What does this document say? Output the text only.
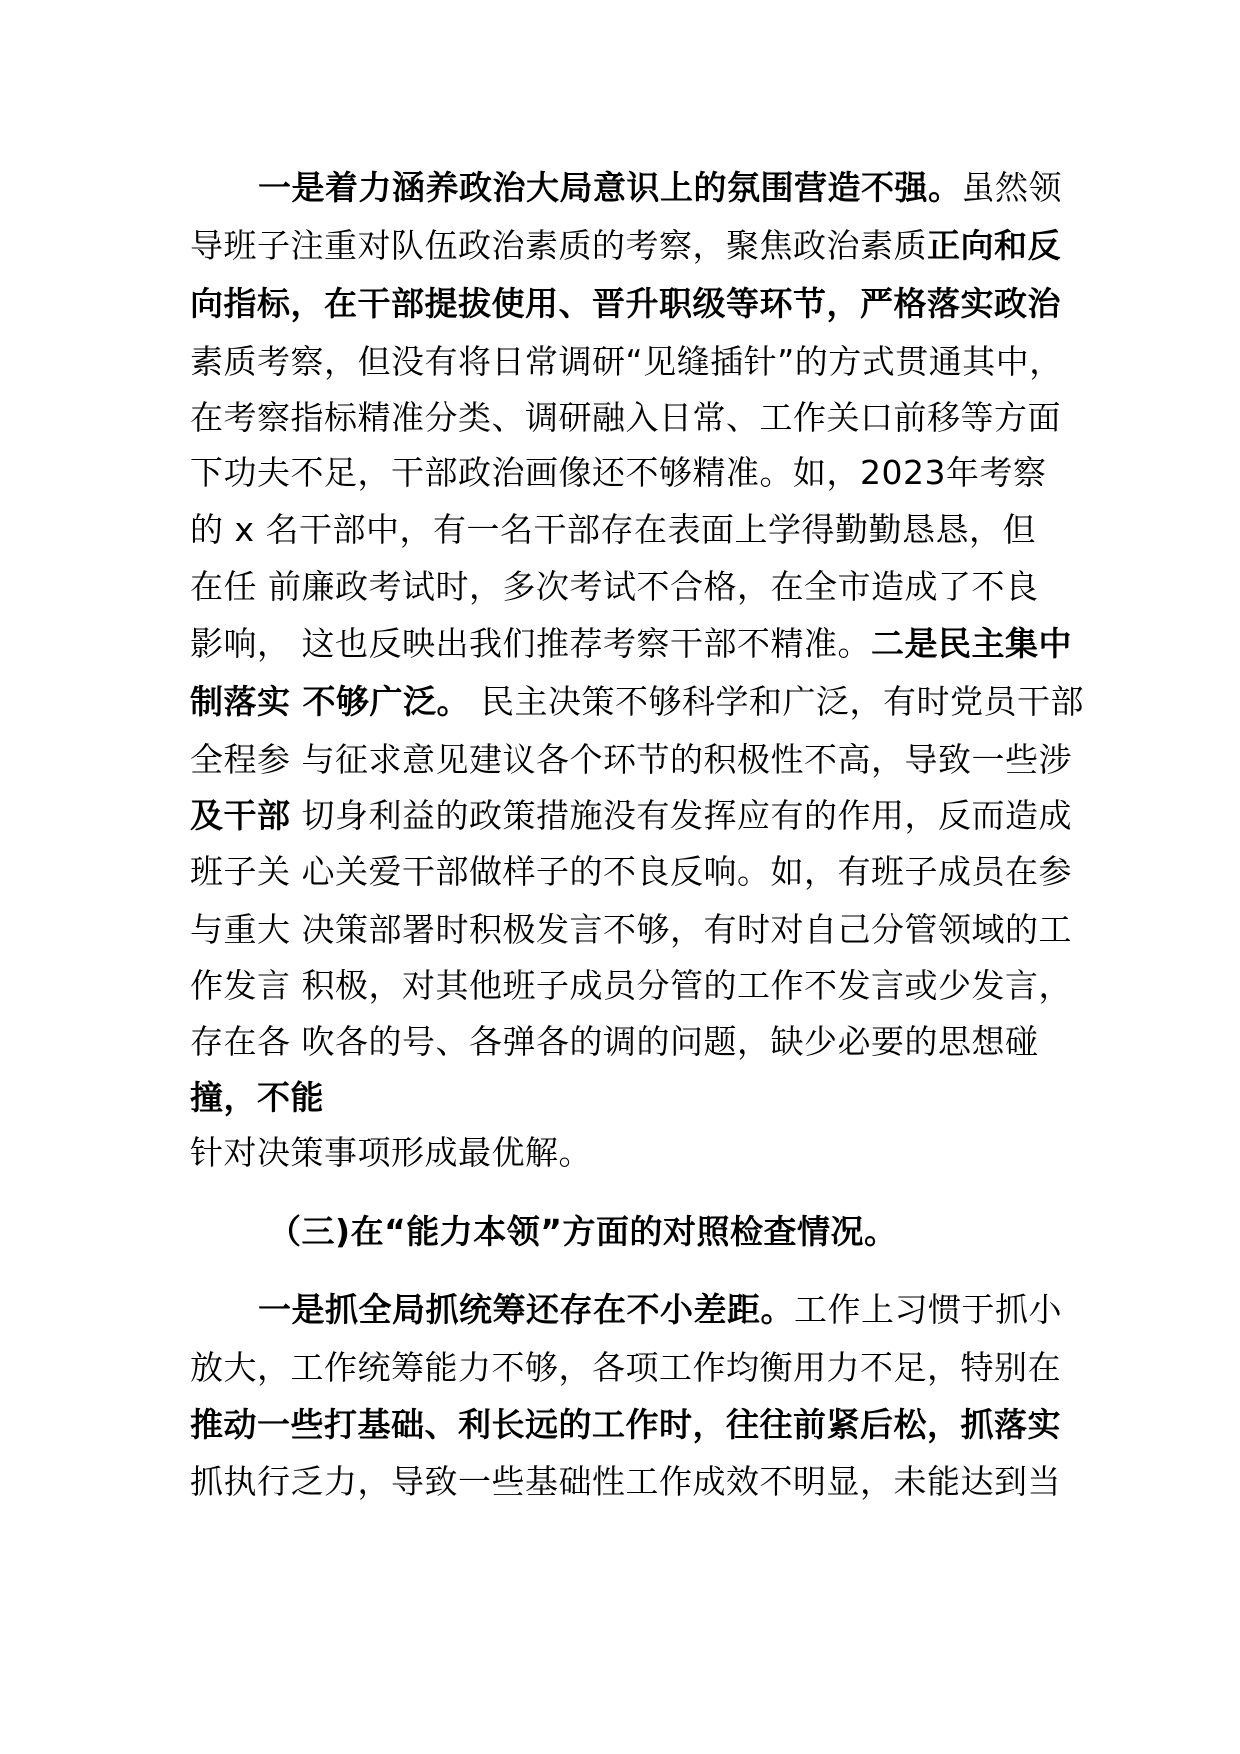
一是着力涵养政治大局意识上的氛围营造不强。虽然领
导班子注重对队伍政治素质的考察，聚焦政治素质正向和反
向指标，在干部提拔使用、晋升职级等环节，严格落实政治
素质考察，但没有将日常调研“见缝插针”的方式贯通其中，
在考察指标精准分类、调研融入日常、工作关口前移等方面
下功夫不足，干部政治画像还不够精准。如，2023年考察
的 x 名干部中，有一名干部存在表面上学得勤勤恳恳，但
在任 前廉政考试时，多次考试不合格，在全市造成了不良
影响， 这也反映出我们推荐考察干部不精准。二是民主集中
制落实 不够广泛。 民主决策不够科学和广泛，有时党员干部
全程参 与征求意见建议各个环节的积极性不高，导致一些涉
及干部 切身利益的政策措施没有发挥应有的作用，反而造成
班子关 心关爱干部做样子的不良反响。如，有班子成员在参
与重大 决策部署时积极发言不够，有时对自己分管领域的工
作发言 积极，对其他班子成员分管的工作不发言或少发言，
存在各 吹各的号、各弹各的调的问题，缺少必要的思想碰
撞，不能
针对决策事项形成最优解。
（三)在“能力本领”方面的对照检查情况。
一是抓全局抓统筹还存在不小差距。工作上习惯于抓小
放大，工作统筹能力不够，各项工作均衡用力不足，特别在
推动一些打基础、利长远的工作时，往往前紧后松，抓落实
抓执行乏力，导致一些基础性工作成效不明显，未能达到当
